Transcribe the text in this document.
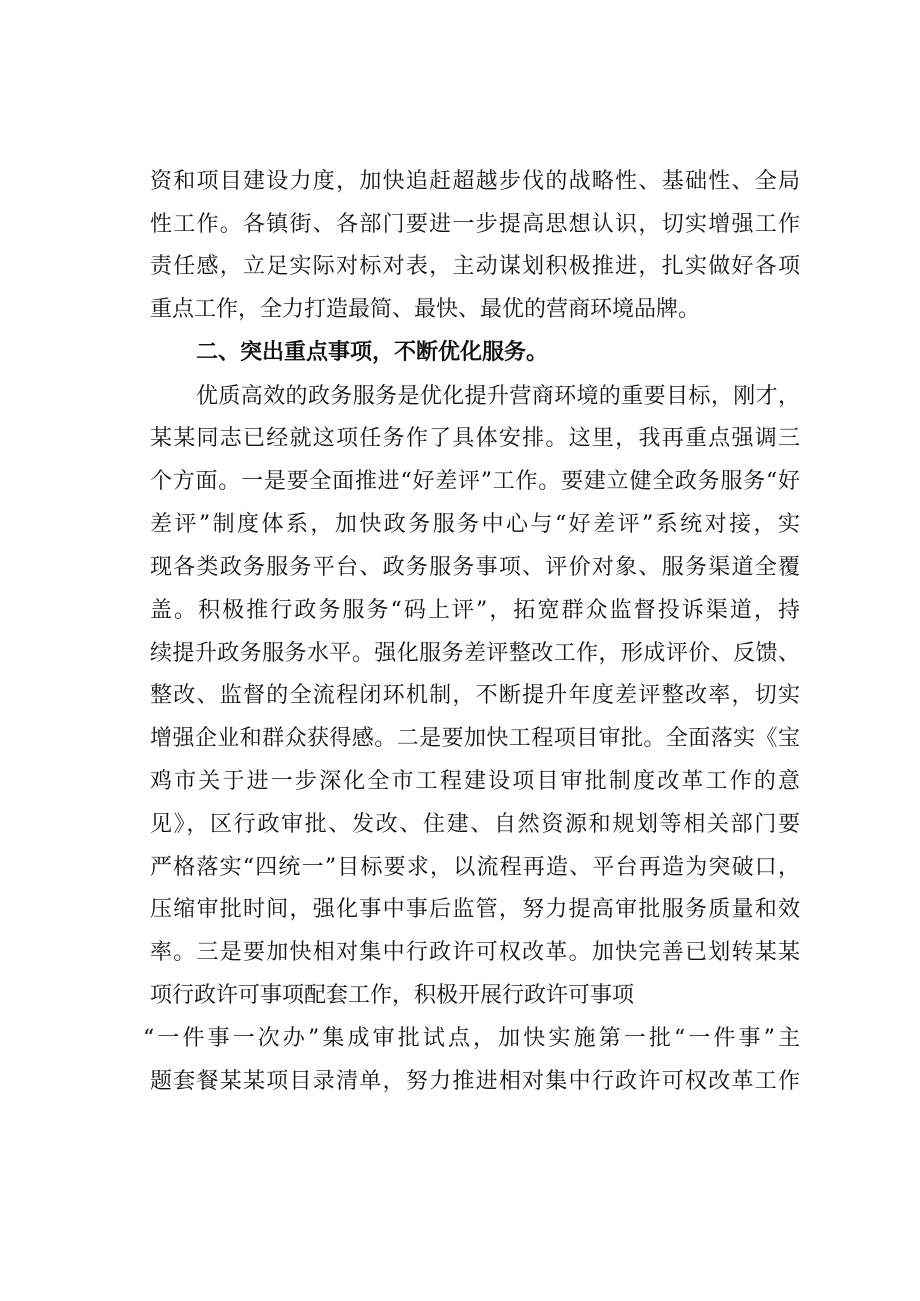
资和项目建设力度，加快追赶超越步伐的战略性、基础性、全局
性工作。各镇街、各部门要进一步提高思想认识，切实增强工作
责任感，立足实际对标对表，主动谋划积极推进，扎实做好各项
重点工作，全力打造最简、最快、最优的营商环境品牌。
二、突出重点事项，不断优化服务。
优质高效的政务服务是优化提升营商环境的重要目标，刚才，
某某同志已经就这项任务作了具体安排。这里，我再重点强调三
个方面。一是要全面推进“好差评”工作。要建立健全政务服务“好
差评”制度体系，加快政务服务中心与“好差评”系统对接，实
现各类政务服务平台、政务服务事项、评价对象、服务渠道全覆
盖。积极推行政务服务“码上评”，拓宽群众监督投诉渠道，持
续提升政务服务水平。强化服务差评整改工作，形成评价、反馈、
整改、监督的全流程闭环机制，不断提升年度差评整改率，切实
增强企业和群众获得感。二是要加快工程项目审批。全面落实《宝
鸡市关于进一步深化全市工程建设项目审批制度改革工作的意
见》，区行政审批、发改、住建、自然资源和规划等相关部门要
严格落实“四统一”目标要求，以流程再造、平台再造为突破口，
压缩审批时间，强化事中事后监管，努力提高审批服务质量和效
率。三是要加快相对集中行政许可权改革。加快完善已划转某某
项行政许可事项配套工作，积极开展行政许可事项
“一件事一次办”集成审批试点，加快实施第一批“一件事”主
题套餐某某项目录清单，努力推进相对集中行政许可权改革工作
